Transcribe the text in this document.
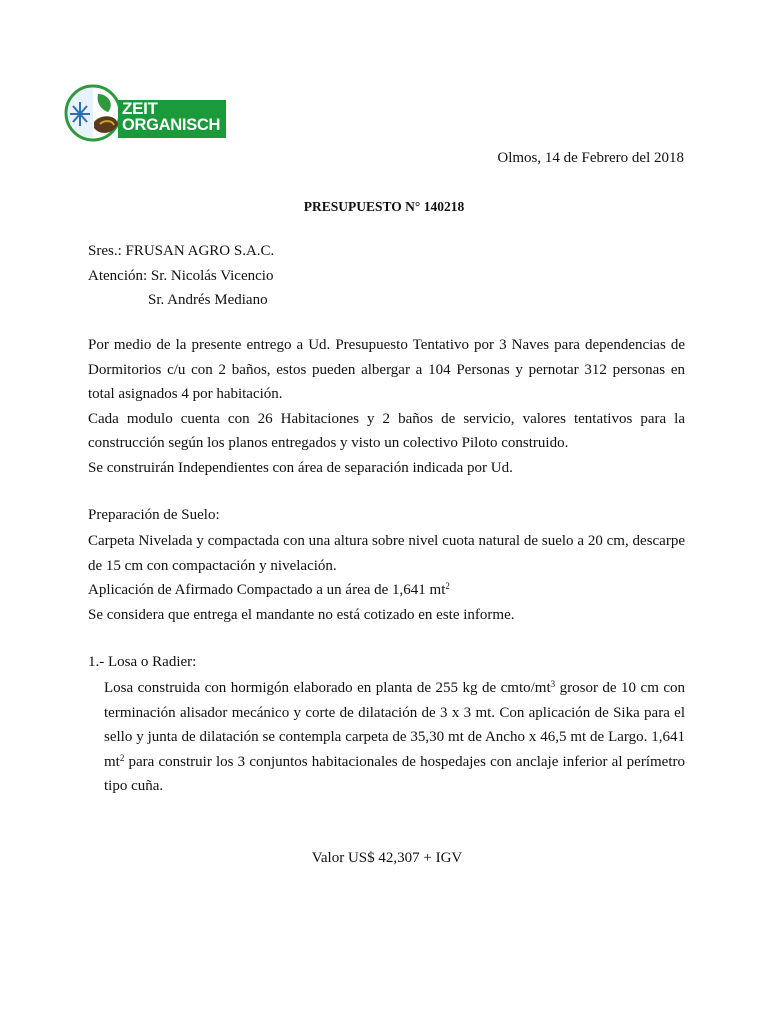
ZEIT
ORGANISCH
Olmos, 14 de Febrero del 2018
PRESUPUESTO N° 140218
Sres.: FRUSAN AGRO S.A.C.
Atención: Sr. Nicolás Vicencio
Sr. Andrés Mediano

Por medio de la presente entrego a Ud. Presupuesto Tentativo por 3 Naves para dependencias de Dormitorios c/u con 2 baños, estos pueden albergar a 104 Personas y pernotar 312 personas en total asignados 4 por habitación.

Cada modulo cuenta con 26 Habitaciones y 2 baños de servicio, valores tentativos para la construcción según los planos entregados y visto un colectivo Piloto construido.

Se construirán Independientes con área de separación indicada por Ud.

Preparación de Suelo:

Carpeta Nivelada y compactada con una altura sobre nivel cuota natural de suelo a 20 cm, descarpe de 15 cm con compactación y nivelación.

Aplicación de Afirmado Compactado a un área de 1,641 $mt^2$

Se considera que entrega el mandante no está cotizado en este informe.

1.- Losa o Radier:
Losa construida con hormigón elaborado en planta de 255 kg de cmto/$mt^3$ grosor de 10 cm con terminación alisador mecánico y corte de dilatación de 3 x 3 mt. Con aplicación de Sika para el sello y junta de dilatación se contempla carpeta de 35,30 mt de Ancho x 46,5 mt de Largo. 1,641 $mt^2$ para construir los 3 conjuntos habitacionales de hospedajes con anclaje inferior al perímetro tipo cuña.
Valor US$ 42,307 + IGV
